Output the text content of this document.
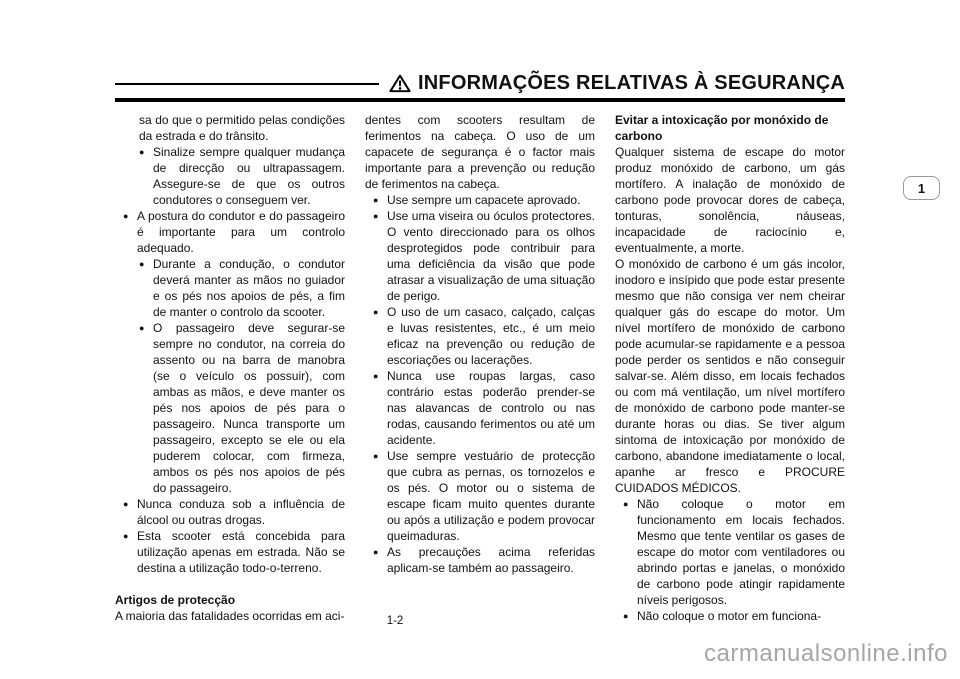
INFORMAÇÕES RELATIVAS À SEGURANÇA
sa do que o permitido pelas condições da estrada e do trânsito.
● Sinalize sempre qualquer mudança de direcção ou ultrapassagem. Assegure-se de que os outros condutores o conseguem ver.
● A postura do condutor e do passageiro é importante para um controlo adequado.
● Durante a condução, o condutor deverá manter as mãos no guiador e os pés nos apoios de pés, a fim de manter o controlo da scooter.
● O passageiro deve segurar-se sempre no condutor, na correia do assento ou na barra de manobra (se o veículo os possuir), com ambas as mãos, e deve manter os pés nos apoios de pés para o passageiro. Nunca transporte um passageiro, excepto se ele ou ela puderem colocar, com firmeza, ambos os pés nos apoios de pés do passageiro.
● Nunca conduza sob a influência de álcool ou outras drogas.
● Esta scooter está concebida para utilização apenas em estrada. Não se destina a utilização todo-o-terreno.
Artigos de protecção
A maioria das fatalidades ocorridas em aci-
dentes com scooters resultam de ferimentos na cabeça. O uso de um capacete de segurança é o factor mais importante para a prevenção ou redução de ferimentos na cabeça.
● Use sempre um capacete aprovado.
● Use uma viseira ou óculos protectores. O vento direccionado para os olhos desprotegidos pode contribuir para uma deficiência da visão que pode atrasar a visualização de uma situação de perigo.
● O uso de um casaco, calçado, calças e luvas resistentes, etc., é um meio eficaz na prevenção ou redução de escoriações ou lacerações.
● Nunca use roupas largas, caso contrário estas poderão prender-se nas alavancas de controlo ou nas rodas, causando ferimentos ou até um acidente.
● Use sempre vestuário de protecção que cubra as pernas, os tornozelos e os pés. O motor ou o sistema de escape ficam muito quentes durante ou após a utilização e podem provocar queimaduras.
● As precauções acima referidas aplicam-se também ao passageiro.
Evitar a intoxicação por monóxido de carbono
Qualquer sistema de escape do motor produz monóxido de carbono, um gás mortífero. A inalação de monóxido de carbono pode provocar dores de cabeça, tonturas, sonolência, náuseas, incapacidade de raciocínio e, eventualmente, a morte.
O monóxido de carbono é um gás incolor, inodoro e insípido que pode estar presente mesmo que não consiga ver nem cheirar qualquer gás do escape do motor. Um nível mortífero de monóxido de carbono pode acumular-se rapidamente e a pessoa pode perder os sentidos e não conseguir salvar-se. Além disso, em locais fechados ou com má ventilação, um nível mortífero de monóxido de carbono pode manter-se durante horas ou dias. Se tiver algum sintoma de intoxicação por monóxido de carbono, abandone imediatamente o local, apanhe ar fresco e PROCURE CUIDADOS MÉDICOS.
● Não coloque o motor em funcionamento em locais fechados. Mesmo que tente ventilar os gases de escape do motor com ventiladores ou abrindo portas e janelas, o monóxido de carbono pode atingir rapidamente níveis perigosos.
● Não coloque o motor em funciona-
1-2
1
carmanualsonline.info
